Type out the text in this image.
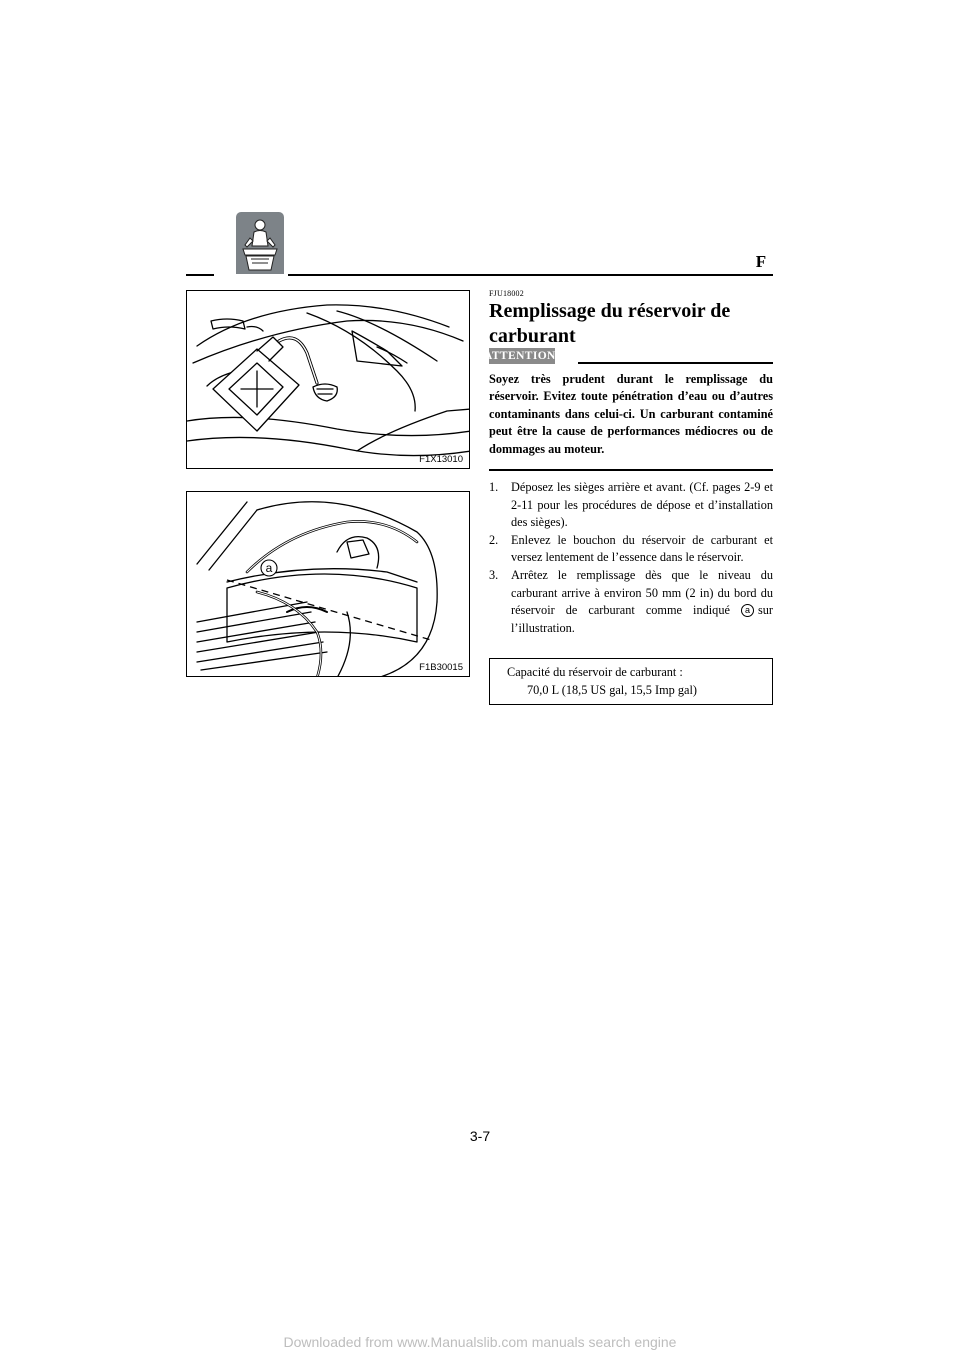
F
F1X13010
a
F1B30015
FJU18002
Remplissage du réservoir de carburant
ATTENTION:

Soyez très prudent durant le remplissage du réservoir. Evitez toute pénétration d’eau ou d’autres contaminants dans celui-ci. Un carburant contaminé peut être la cause de performances médiocres ou de dommages au moteur.

1. Déposez les sièges arrière et avant. (Cf. pages 2-9 et 2-11 pour les procédures de dépose et d’installation des sièges).
2. Enlevez le bouchon du réservoir de carburant et versez lentement de l’essence dans le réservoir.
3. Arrêtez le remplissage dès que le niveau du carburant arrive à environ 50 mm (2 in) du bord du réservoir de carburant comme indiqué a sur l’illustration.
Capacité du réservoir de carburant :
70,0 L (18,5 US gal, 15,5 Imp gal)
3-7
Downloaded from www.Manualslib.com manuals search engine
